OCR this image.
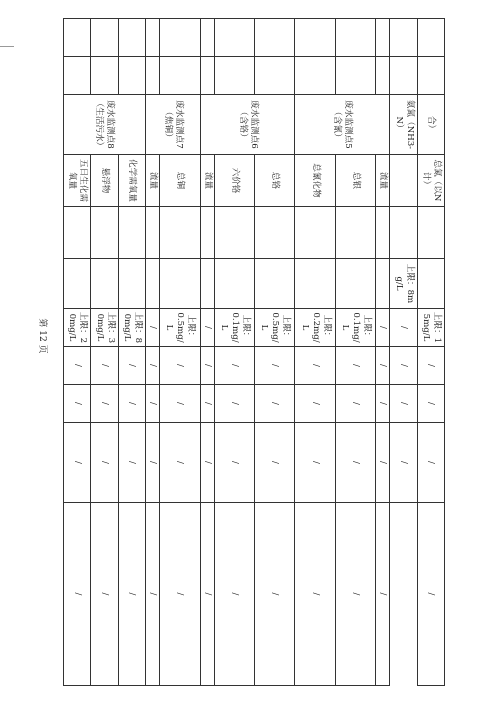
		合）	总氮（以N计）			上限：15mg/L	/	/	/	/
		氨氮（NH3-N）			上限：8mg/L	/	/	/	/	
		废水监测点5（含氰）	流量			/	/	/	/	/
			总银			上限：0.1mg/L	/	/	/	/
			总氰化物			上限：0.2mg/L	/	/	/	/
		废水监测点6（含铬）	总铬			上限：0.5mg/L	/	/	/	/
			六价铬			上限：0.1mg/L	/	/	/	/
			流量			/	/	/	/	/
		废水监测点7（焦铜）	总铜			上限：0.5mg/L	/	/	/	/
			流量			/	/	/	/	/
		废水监测点8（生活污水）	化学需氧量			上限：80mg/L	/	/	/	/
			悬浮物			上限：30mg/L	/	/	/	/
			五日生化需氧量			上限：20mg/L	/	/	/	/
第 12 页
